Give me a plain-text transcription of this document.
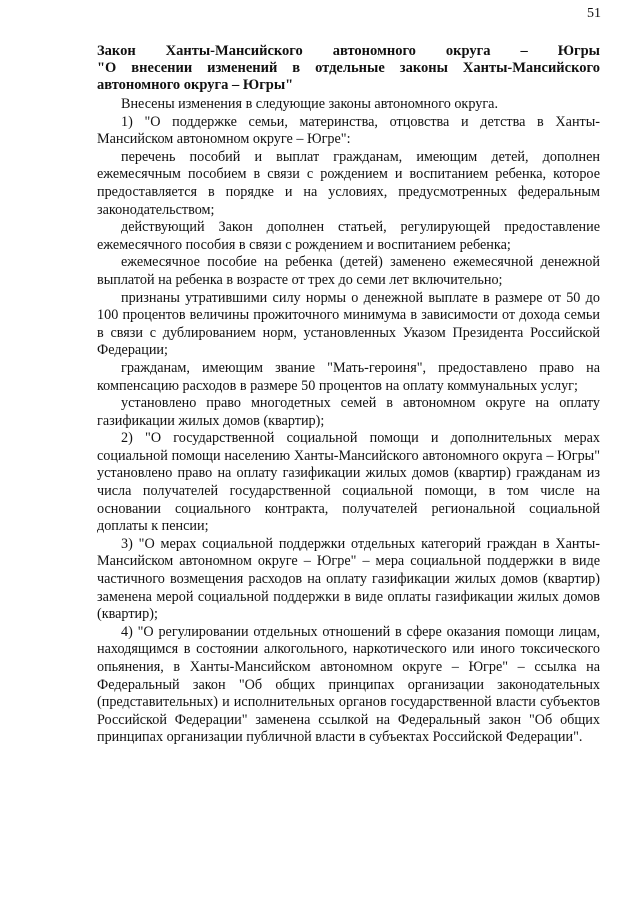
51
Закон Ханты-Мансийского автономного округа – Югры
"О внесении изменений в отдельные законы Ханты-Мансийского автономного округа – Югры"

Внесены изменения в следующие законы автономного округа.

1) "О поддержке семьи, материнства, отцовства и детства в Ханты-Мансийском автономном округе – Югре":

перечень пособий и выплат гражданам, имеющим детей, дополнен ежемесячным пособием в связи с рождением и воспитанием ребенка, которое предоставляется в порядке и на условиях, предусмотренных федеральным законодательством;

действующий Закон дополнен статьей, регулирующей предоставление ежемесячного пособия в связи с рождением и воспитанием ребенка;

ежемесячное пособие на ребенка (детей) заменено ежемесячной денежной выплатой на ребенка в возрасте от трех до семи лет включительно;

признаны утратившими силу нормы о денежной выплате в размере от 50 до 100 процентов величины прожиточного минимума в зависимости от дохода семьи в связи с дублированием норм, установленных Указом Президента Российской Федерации;

гражданам, имеющим звание "Мать-героиня", предоставлено право на компенсацию расходов в размере 50 процентов на оплату коммунальных услуг;

установлено право многодетных семей в автономном округе на оплату газификации жилых домов (квартир);

2) "О государственной социальной помощи и дополнительных мерах социальной помощи населению Ханты-Мансийского автономного округа – Югры" установлено право на оплату газификации жилых домов (квартир) гражданам из числа получателей государственной социальной помощи, в том числе на основании социального контракта, получателей региональной социальной доплаты к пенсии;

3) "О мерах социальной поддержки отдельных категорий граждан в Ханты-Мансийском автономном округе – Югре" – мера социальной поддержки в виде частичного возмещения расходов на оплату газификации жилых домов (квартир) заменена мерой социальной поддержки в виде оплаты газификации жилых домов (квартир);

4) "О регулировании отдельных отношений в сфере оказания помощи лицам, находящимся в состоянии алкогольного, наркотического или иного токсического опьянения, в Ханты-Мансийском автономном округе – Югре" – ссылка на Федеральный закон "Об общих принципах организации законодательных (представительных) и исполнительных органов государственной власти субъектов Российской Федерации" заменена ссылкой на Федеральный закон "Об общих принципах организации публичной власти в субъектах Российской Федерации".
